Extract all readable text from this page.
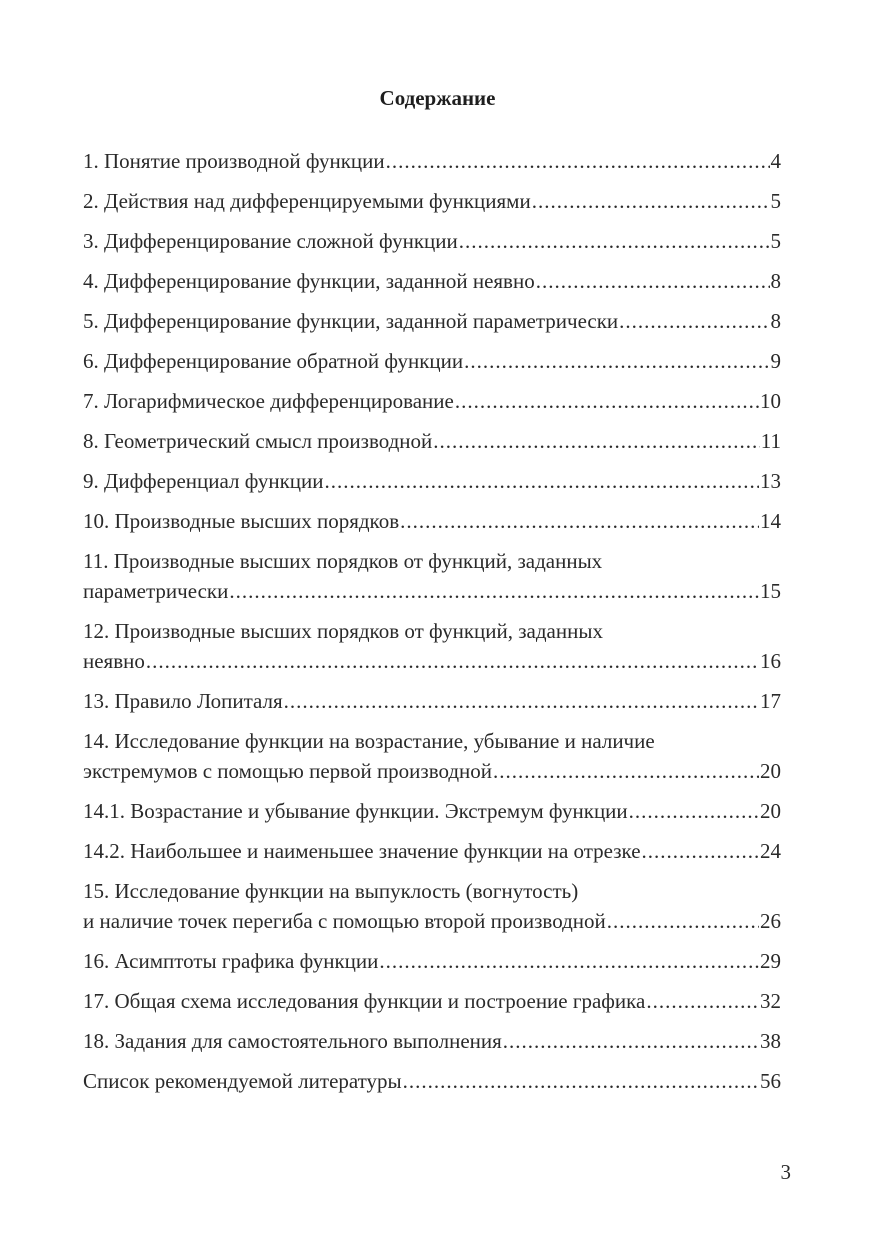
Содержание
1. Понятие производной функции .....	4
2. Действия над дифференцируемыми функциями .....	5
3. Дифференцирование сложной функции .....	5
4. Дифференцирование функции, заданной неявно .....	8
5. Дифференцирование функции, заданной параметрически .....	8
6. Дифференцирование обратной функции .....	9
7. Логарифмическое дифференцирование .....	10
8. Геометрический смысл производной .....	11
9. Дифференциал функции .....	13
10. Производные высших порядков .....	14
11. Производные высших порядков от функций, заданных
параметрически .....	15
12. Производные высших порядков от функций, заданных
неявно .....	16
13. Правило Лопиталя .....	17
14. Исследование функции на возрастание, убывание и наличие
экстремумов с помощью первой производной .....	20
14.1. Возрастание и убывание функции. Экстремум функции .....	20
14.2. Наибольшее и наименьшее значение функции на отрезке .....	24
15. Исследование функции на выпуклость (вогнутость)
и наличие точек перегиба с помощью второй производной .....	26
16. Асимптоты графика функции .....	29
17. Общая схема исследования функции и построение графика .....	32
18. Задания для самостоятельного выполнения .....	38
Список рекомендуемой литературы .....	56
3
